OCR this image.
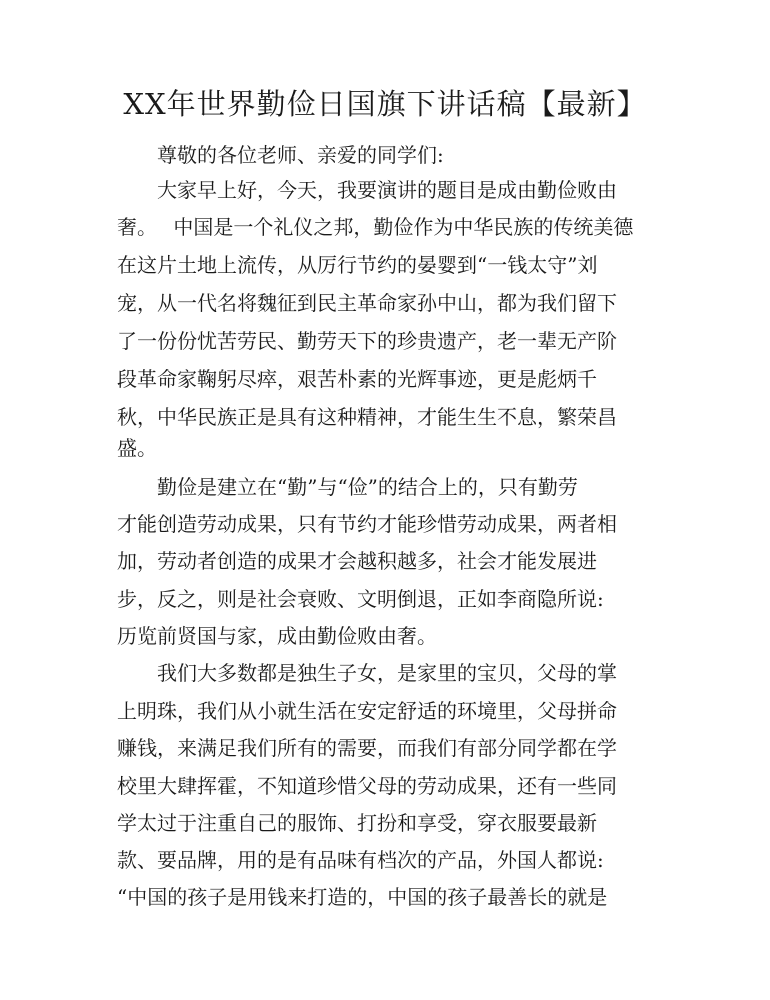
XX年世界勤俭日国旗下讲话稿【最新】
　　尊敬的各位老师、亲爱的同学们:
　　大家早上好，今天，我要演讲的题目是成由勤俭败由
奢。　 中国是一个礼仪之邦，勤俭作为中华民族的传统美德
在这片土地上流传，从厉行节约的晏婴到“一钱太守”刘
宠，从一代名将魏征到民主革命家孙中山，都为我们留下
了一份份忧苦劳民、勤劳天下的珍贵遗产，老一辈无产阶
段革命家鞠躬尽瘁，艰苦朴素的光辉事迹，更是彪炳千
秋，中华民族正是具有这种精神，才能生生不息，繁荣昌
盛。
　　勤俭是建立在“勤”与“俭”的结合上的，只有勤劳
才能创造劳动成果，只有节约才能珍惜劳动成果，两者相
加，劳动者创造的成果才会越积越多，社会才能发展进
步，反之，则是社会衰败、文明倒退，正如李商隐所说:
历览前贤国与家，成由勤俭败由奢。
　　我们大多数都是独生子女，是家里的宝贝，父母的掌
上明珠，我们从小就生活在安定舒适的环境里，父母拼命
赚钱，来满足我们所有的需要，而我们有部分同学都在学
校里大肆挥霍，不知道珍惜父母的劳动成果，还有一些同
学太过于注重自己的服饰、打扮和享受，穿衣服要最新
款、要品牌，用的是有品味有档次的产品，外国人都说:
“中国的孩子是用钱来打造的，中国的孩子最善长的就是
